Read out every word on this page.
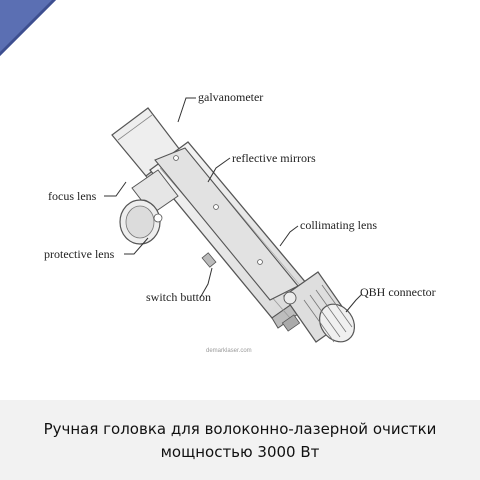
galvanometer
reflective mirrors
focus lens
collimating lens
protective lens
switch button	QBH connector
demarklaser.com
Ручная головка для волоконно-лазерной очистки
мощностью 3000 Вт
